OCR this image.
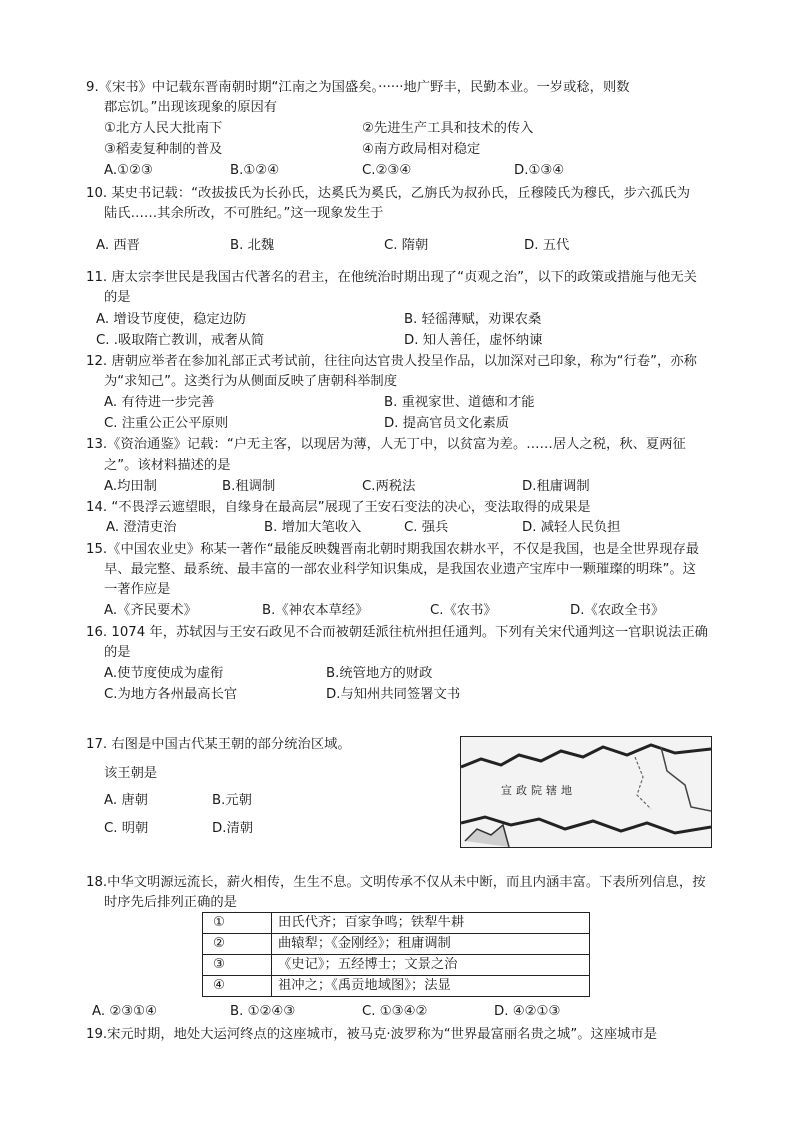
9.《宋书》中记载东晋南朝时期“江南之为国盛矣。······地广野丰，民勤本业。一岁或稔，则数
郡忘饥。”出现该现象的原因有
①北方人民大批南下	②先进生产工具和技术的传入
③稻麦复种制的普及	④南方政局相对稳定
A.①②③	B.①②④	C.②③④	D.①③④
10. 某史书记载：“改拔拔氏为长孙氏，达奚氏为奚氏，乙旃氏为叔孙氏，丘穆陵氏为穆氏，步六孤氏为
陆氏……其余所改，不可胜纪。”这一现象发生于
A. 西晋	B. 北魏	C. 隋朝	D. 五代
11. 唐太宗李世民是我国古代著名的君主，在他统治时期出现了“贞观之治”，以下的政策或措施与他无关
的是
A. 增设节度使，稳定边防	B. 轻徭薄赋，劝课农桑
C. .吸取隋亡教训，戒奢从简	D. 知人善任，虚怀纳谏
12. 唐朝应举者在参加礼部正式考试前，往往向达官贵人投呈作品，以加深对己印象，称为“行卷”，亦称
为“求知己”。这类行为从侧面反映了唐朝科举制度
A. 有待进一步完善	B. 重视家世、道德和才能
C. 注重公正公平原则	D. 提高官员文化素质
13.《资治通鉴》记载：“户无主客，以现居为薄，人无丁中，以贫富为差。……居人之税，秋、夏两征
之”。该材料描述的是
A.均田制	B.租调制	C.两税法	D.租庸调制
14. “不畏浮云遮望眼，自缘身在最高层”展现了王安石变法的决心，变法取得的成果是
A. 澄清吏治	B. 增加大笔收入	C. 强兵	D. 减轻人民负担
15.《中国农业史》称某一著作“最能反映魏晋南北朝时期我国农耕水平，不仅是我国，也是全世界现存最
早、最完整、最系统、最丰富的一部农业科学知识集成，是我国农业遗产宝库中一颗璀璨的明珠”。这
一著作应是
A.《齐民要术》	B.《神农本草经》	C.《农书》	D.《农政全书》
16. 1074 年，苏轼因与王安石政见不合而被朝廷派往杭州担任通判。下列有关宋代通判这一官职说法正确
的是
A.使节度使成为虚衔	B.统管地方的财政
C.为地方各州最高长官	D.与知州共同签署文书
17. 右图是中国古代某王朝的部分统治区域。
该王朝是
A. 唐朝	B.元朝
C. 明朝	D.清朝
宣政院辖地
18.中华文明源远流长，薪火相传，生生不息。文明传承不仅从未中断，而且内涵丰富。下表所列信息，按
时序先后排列正确的是
①	田氏代齐；百家争鸣；铁犁牛耕
②	曲辕犁；《金刚经》；租庸调制
③	《史记》；五经博士；文景之治
④	祖冲之；《禹贡地域图》；法显
A. ②③①④	B. ①②④③	C. ①③④②	D. ④②①③
19.宋元时期，地处大运河终点的这座城市，被马克·波罗称为“世界最富丽名贵之城”。这座城市是
